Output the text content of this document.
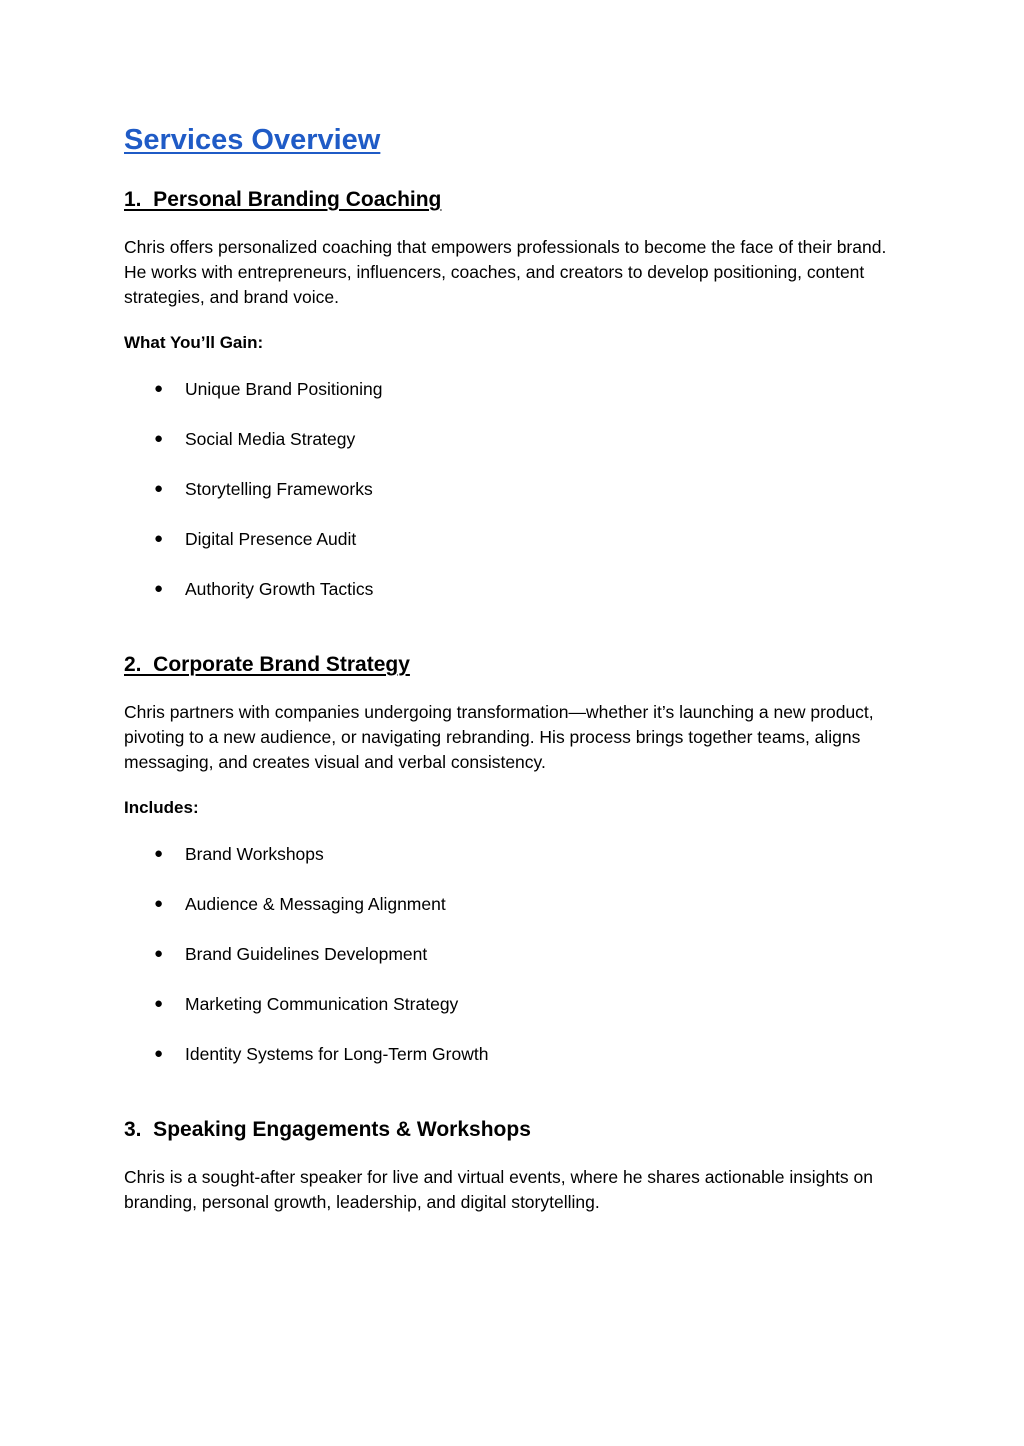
Services Overview
1.  Personal Branding Coaching

Chris offers personalized coaching that empowers professionals to become the face of their brand. He works with entrepreneurs, influencers, coaches, and creators to develop positioning, content strategies, and brand voice.

What You’ll Gain:

● Unique Brand Positioning
● Social Media Strategy
● Storytelling Frameworks
● Digital Presence Audit
● Authority Growth Tactics
2.  Corporate Brand Strategy

Chris partners with companies undergoing transformation—whether it’s launching a new product, pivoting to a new audience, or navigating rebranding. His process brings together teams, aligns messaging, and creates visual and verbal consistency.

Includes:

● Brand Workshops
● Audience & Messaging Alignment
● Brand Guidelines Development
● Marketing Communication Strategy
● Identity Systems for Long-Term Growth
3.  Speaking Engagements & Workshops

Chris is a sought-after speaker for live and virtual events, where he shares actionable insights on branding, personal growth, leadership, and digital storytelling.
